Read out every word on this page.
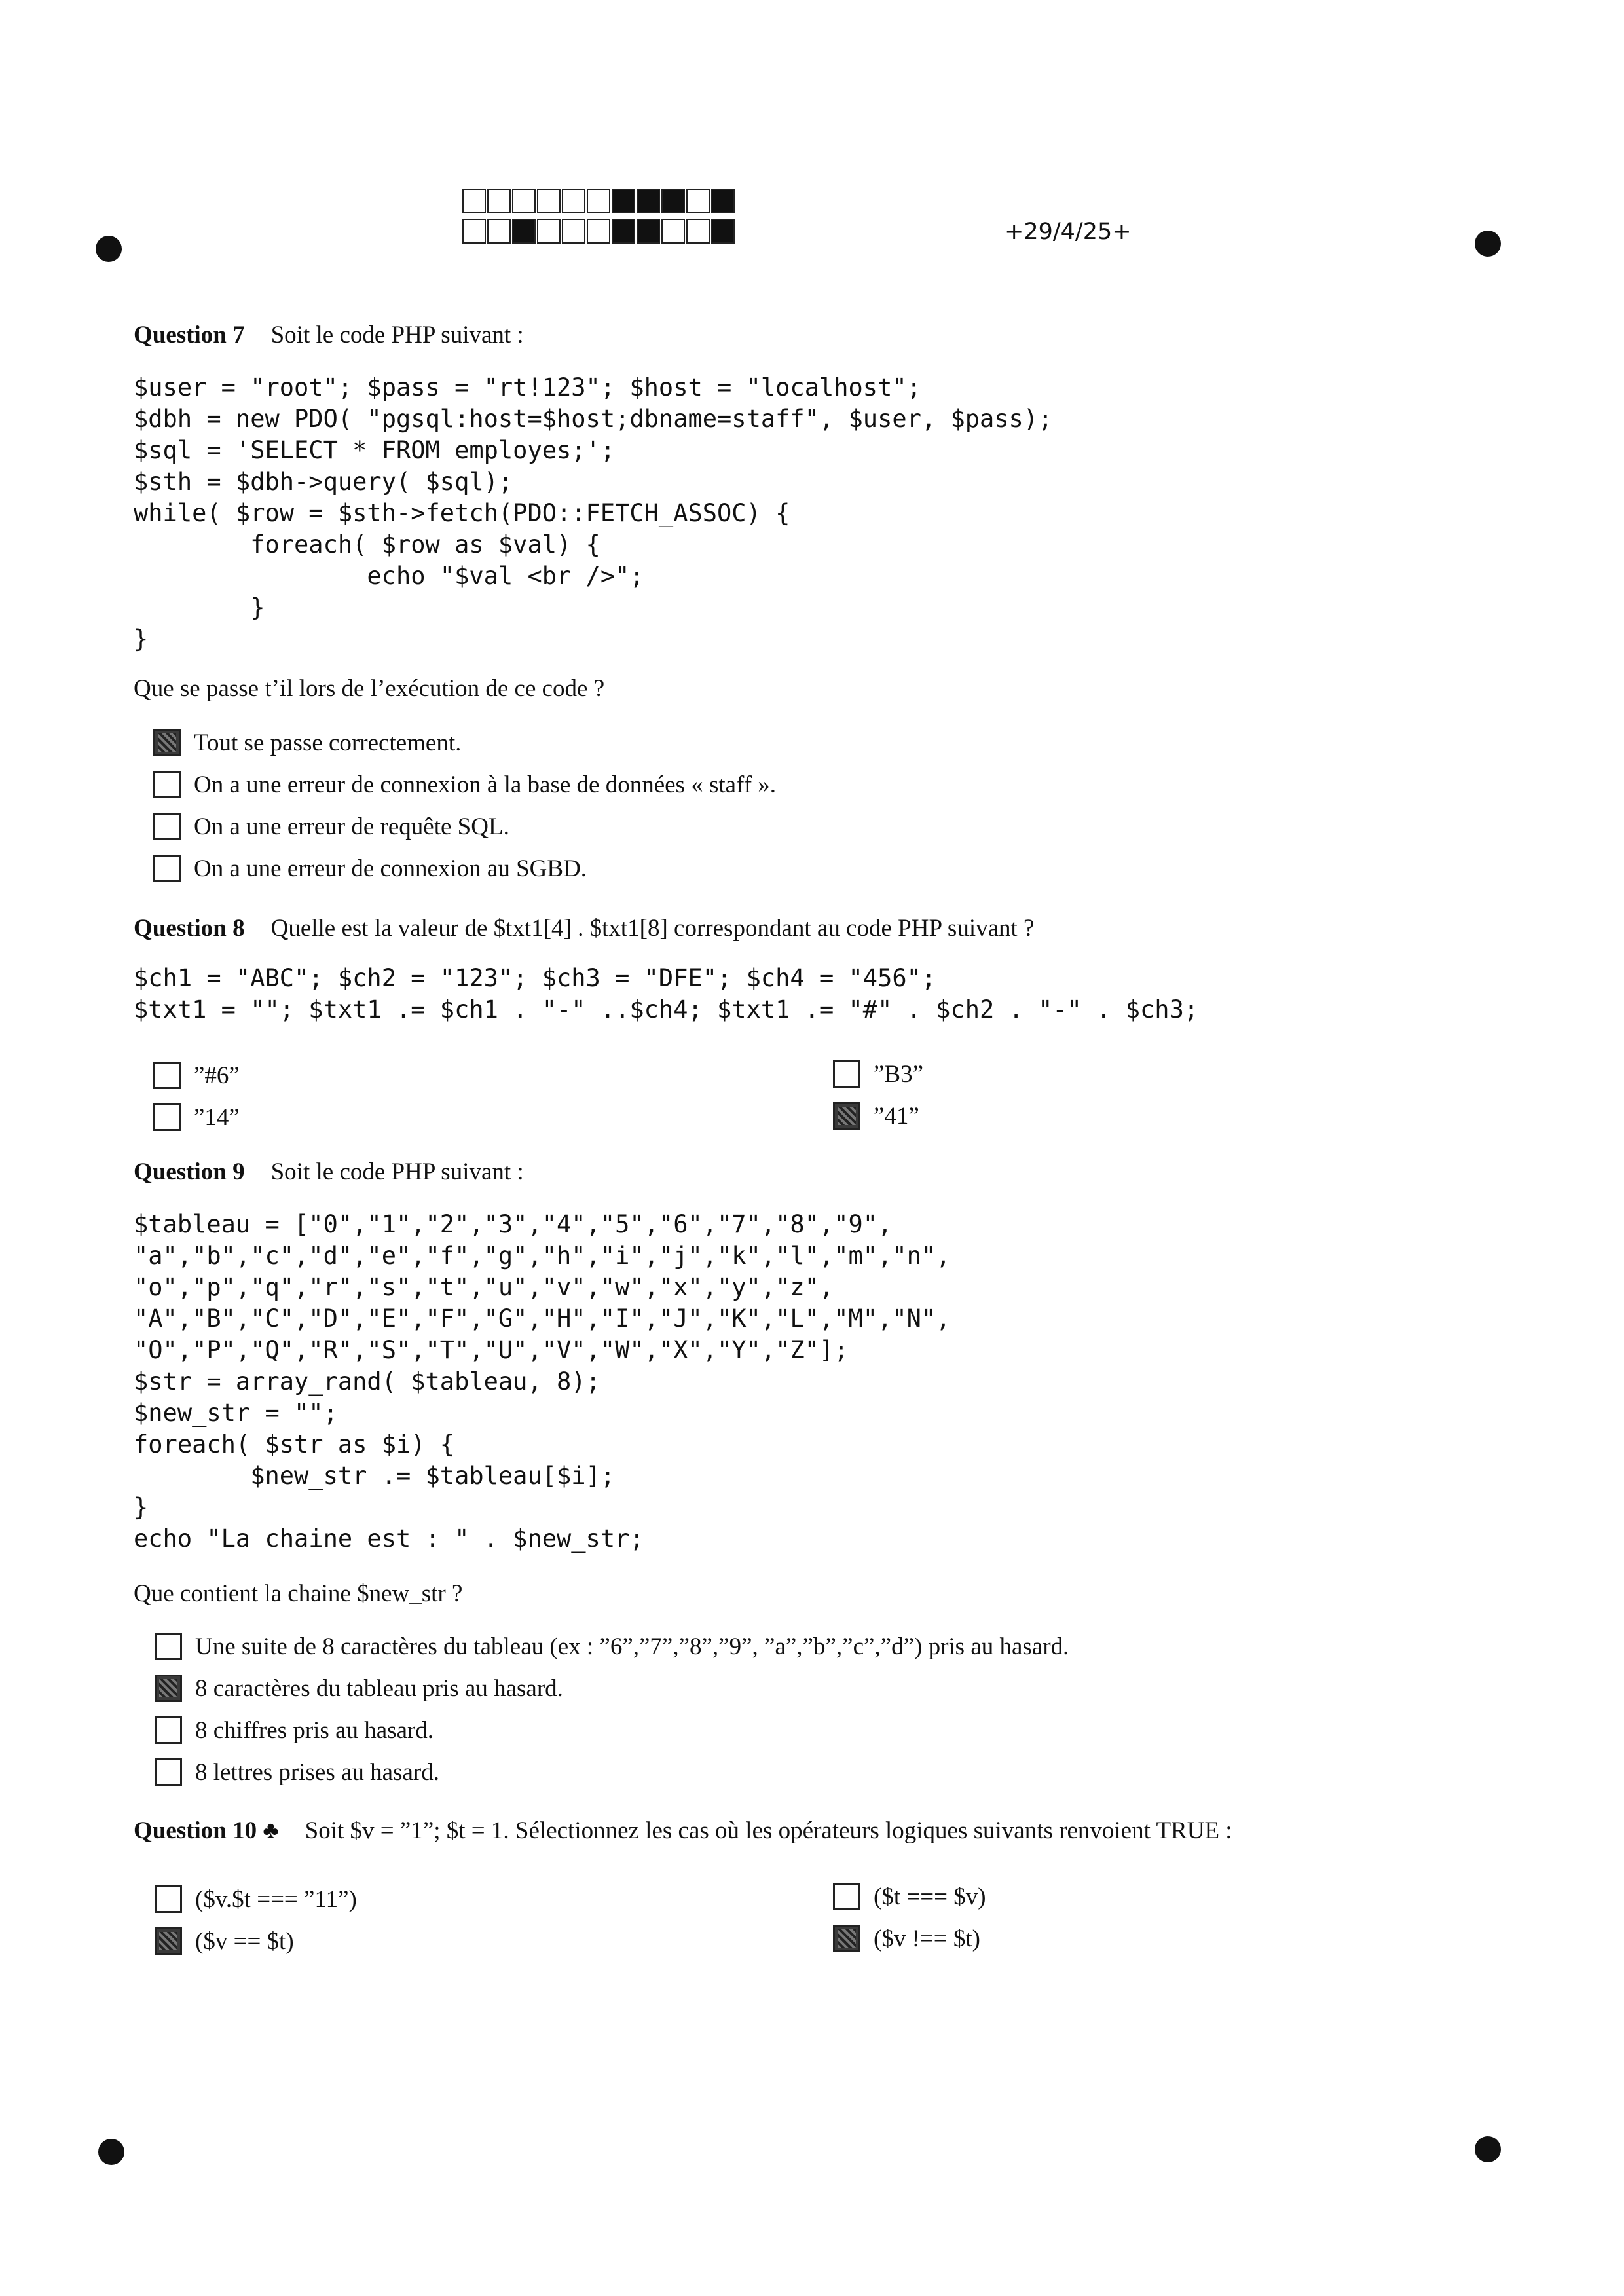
+29/4/25+
Question 7 Soit le code PHP suivant :
$user = "root"; $pass = "rt!123"; $host = "localhost";
$dbh = new PDO( "pgsql:host=$host;dbname=staff", $user, $pass);
$sql = 'SELECT * FROM employes;';
$sth = $dbh->query( $sql);
while( $row = $sth->fetch(PDO::FETCH_ASSOC) {
foreach( $row as $val) {
echo "$val <br />";
}
}
Que se passe t’il lors de l’exécution de ce code ?
Tout se passe correctement.
On a une erreur de connexion à la base de données « staff ».
On a une erreur de requête SQL.
On a une erreur de connexion au SGBD.
Question 8 Quelle est la valeur de $txt1[4] . $txt1[8] correspondant au code PHP suivant ?
$ch1 = "ABC"; $ch2 = "123"; $ch3 = "DFE"; $ch4 = "456";
$txt1 = ""; $txt1 .= $ch1 . "-" ..$ch4; $txt1 .= "#" . $ch2 . "-" . $ch3;
”#6”	”B3”
”14”	”41”
Question 9 Soit le code PHP suivant :
$tableau = ["0","1","2","3","4","5","6","7","8","9",
"a","b","c","d","e","f","g","h","i","j","k","l","m","n",
"o","p","q","r","s","t","u","v","w","x","y","z",
"A","B","C","D","E","F","G","H","I","J","K","L","M","N",
"O","P","Q","R","S","T","U","V","W","X","Y","Z"];
$str = array_rand( $tableau, 8);
$new_str = "";
foreach( $str as $i) {
$new_str .= $tableau[$i];
}
echo "La chaine est : " . $new_str;
Que contient la chaine $new_str ?
Une suite de 8 caractères du tableau (ex : ”6”,”7”,”8”,”9”, ”a”,”b”,”c”,”d”) pris au hasard.
8 caractères du tableau pris au hasard.
8 chiffres pris au hasard.
8 lettres prises au hasard.
Question 10 ♣ Soit $v = ”1”; $t = 1. Sélectionnez les cas où les opérateurs logiques suivants renvoient TRUE :
($v.$t === ”11”)	($t === $v)
($v == $t)	($v !== $t)
